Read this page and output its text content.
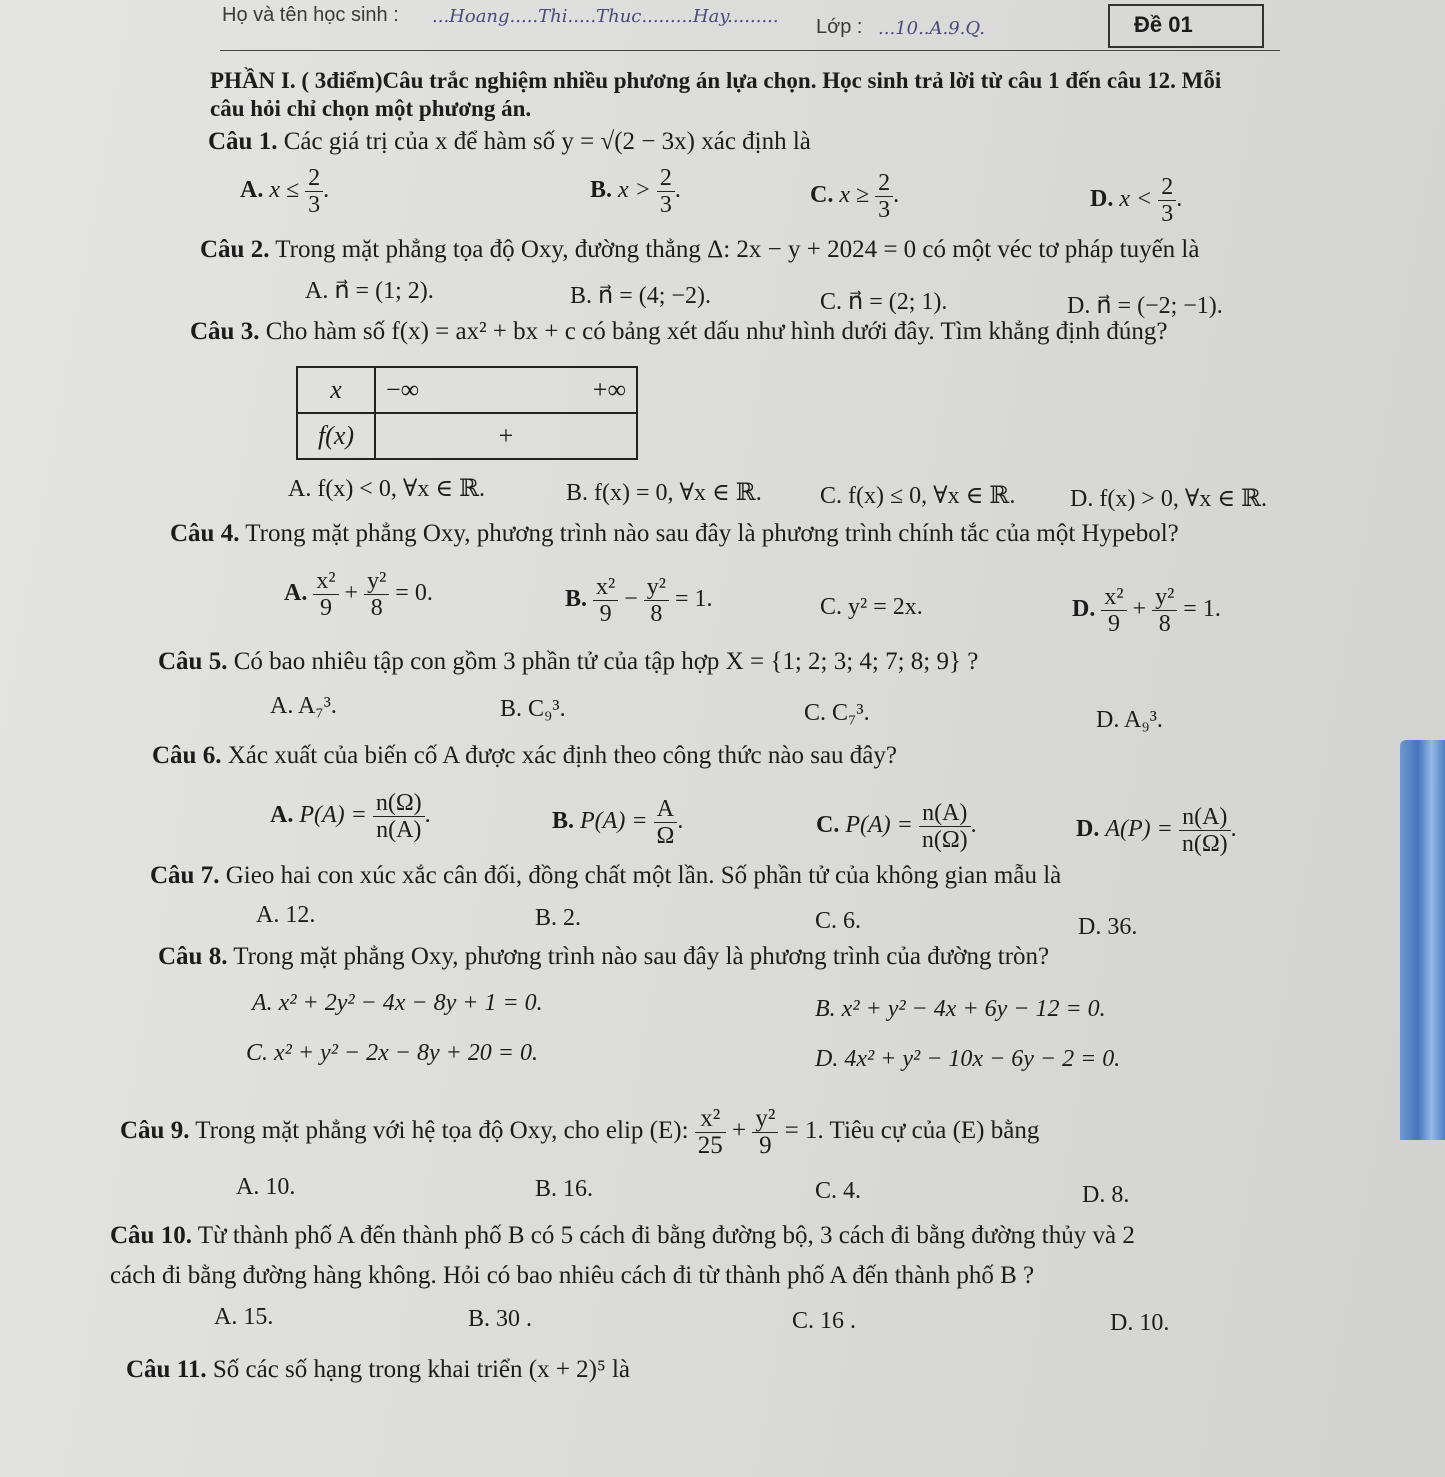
Họ và tên học sinh : ...Hoang.....Thi.....Thuc.........Hay......... Lớp : ...10..A.9.Q.	Đề 01
PHẦN I. ( 3điểm)Câu trắc nghiệm nhiều phương án lựa chọn. Học sinh trả lời từ câu 1 đến câu 12. Mỗi
câu hỏi chỉ chọn một phương án.
Câu 1. Các giá trị của x để hàm số y = √(2 − 3x) xác định là
A. $x \le \frac{2}{3}$ .	B. $x > \frac{2}{3}$ .	C. $x \ge \frac{2}{3}$ .	D. $x < \frac{2}{3}$ .
Câu 2. Trong mặt phẳng tọa độ Oxy, đường thẳng Δ: 2x − y + 2024 = 0 có một véc tơ pháp tuyến là
A. n⃗ = (1; 2).	B. n⃗ = (4; −2).	C. n⃗ = (2; 1).	D. n⃗ = (−2; −1).
Câu 3. Cho hàm số f(x) = ax² + bx + c có bảng xét dấu như hình dưới đây. Tìm khẳng định đúng?
x	−∞ +∞

f(x)	+
A. f(x) < 0, ∀x ∈ ℝ.	B. f(x) = 0, ∀x ∈ ℝ. C. f(x) ≤ 0, ∀x ∈ ℝ. D. f(x) > 0, ∀x ∈ ℝ.
Câu 4. Trong mặt phẳng Oxy, phương trình nào sau đây là phương trình chính tắc của một Hypebol?
A. $\frac{\text{x²}}{9} + \frac{\text{y²}}{8} = 0$.	B. $\frac{\text{x²}}{9} - \frac{\text{y²}}{8} = 1$.	C. y² = 2x.	D. $\frac{\text{x²}}{9} + \frac{\text{y²}}{8} = 1$.
Câu 5. Có bao nhiêu tập con gồm 3 phần tử của tập hợp X = {1; 2; 3; 4; 7; 8; 9} ?
A. A₇³.	B. C₉³.	C. C₇³.	D. A₉³.
Câu 6. Xác xuất của biến cố A được xác định theo công thức nào sau đây?
A. $P(A) = \frac{n(\Omega)}{n(A)}$ .	B. $P(A) = \frac{A}{\Omega}$ .	C. $P(A) = \frac{n(A)}{n(\Omega)}$ .	D. $A(P) = \frac{n(A)}{n(\Omega)}$ .
Câu 7. Gieo hai con xúc xắc cân đối, đồng chất một lần. Số phần tử của không gian mẫu là
A. 12.	B. 2.	C. 6.	D. 36.
Câu 8. Trong mặt phẳng Oxy, phương trình nào sau đây là phương trình của đường tròn?
A. x² + 2y² − 4x − 8y + 1 = 0.	B. x² + y² − 4x + 6y − 12 = 0.
C. x² + y² − 2x − 8y + 20 = 0.	D. 4x² + y² − 10x − 6y − 2 = 0.
Câu 9. Trong mặt phẳng với hệ tọa độ Oxy, cho elip (E): $\frac{\text{x²}}{25} + \frac{\text{y²}}{9} = 1$. Tiêu cự của (E) bằng
A. 10.	B. 16.	C. 4.	D. 8.
Câu 10. Từ thành phố A đến thành phố B có 5 cách đi bằng đường bộ, 3 cách đi bằng đường thủy và 2
cách đi bằng đường hàng không. Hỏi có bao nhiêu cách đi từ thành phố A đến thành phố B ?
A. 15.	B. 30 .	C. 16 .	D. 10.
Câu 11. Số các số hạng trong khai triển (x + 2)⁵ là
